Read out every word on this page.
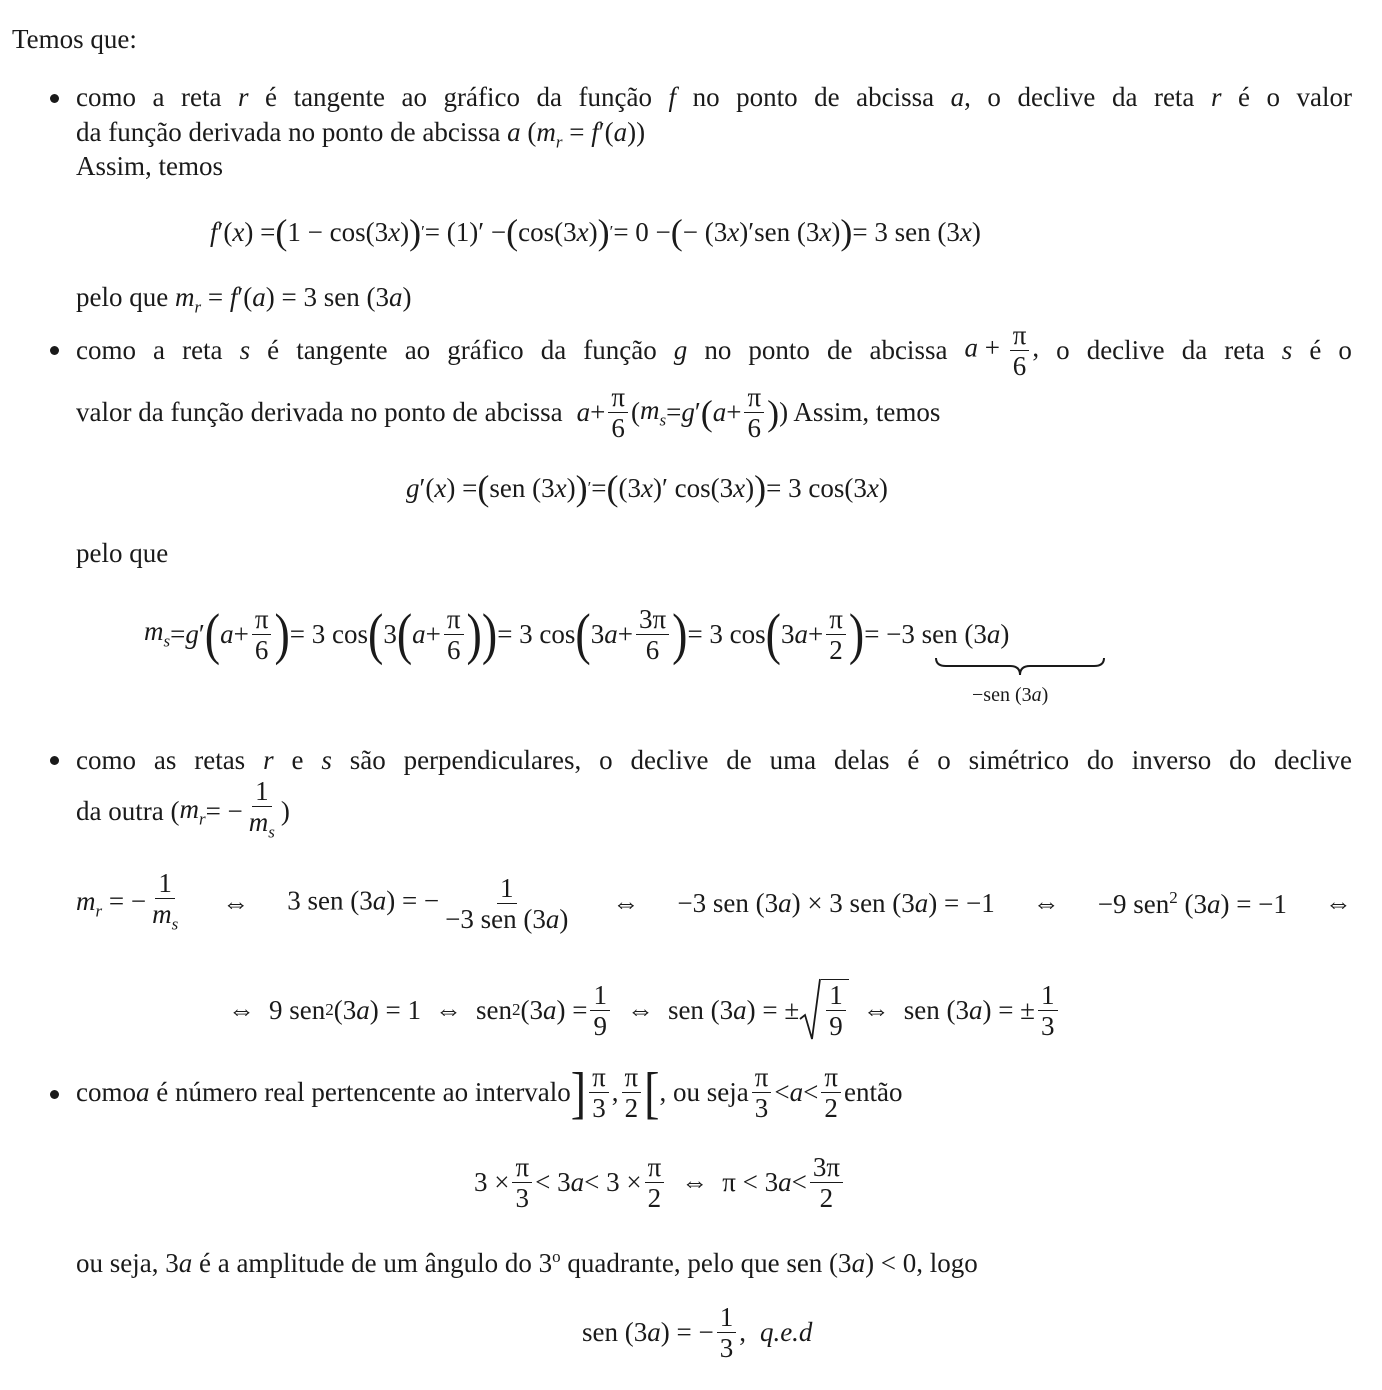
Temos que:
como a reta r é tangente ao gráfico da função f no ponto de abcissa a, o declive da reta r é o valor
da função derivada no ponto de abcissa a $(m_r = f'(a))$
Assim, temos
f ′( x ) = ( 1 − cos(3 x ) ) ′ = (1)′ − ( cos(3 x ) ) ′ = 0 − ( − (3 x )′sen (3 x ) ) = 3 sen (3 x )
pelo que $m_r = f'(a) = 3$ sen (3a)
como a reta s é tangente ao gráfico da função g no ponto de abcissa $a + \frac{\pi}{6}$ , o declive da reta s é o
valor da função derivada no ponto de abcissa $a + \frac{\pi}{6}$ ( $m_s = g$ ′ ( $a + \frac{\pi}{6}$ ) ) Assim, temos
g ′( x ) = ( sen (3 x ) ) ′ = ( (3 x )′ cos(3 x ) ) = 3 cos(3 x )
pelo que
$m_s = g$ ′ ( $a + \frac{\pi}{6}$ ) = 3 cos ( 3 ( $a + \frac{\pi}{6}$ ) ) = 3 cos ( 3 $a + \frac{3\pi}{6}$ ) = 3 cos ( 3 $a + \frac{\pi}{2}$ ) = −3 sen (3 a )
−sen (3a)
como as retas r e s são perpendiculares, o declive de uma delas é o simétrico do inverso do declive
da outra ( $m_r$ = − $\frac{1}{m_s}$ )
$m_r$ = − $\frac{1}{m_s}$ ⇔ 3 sen (3a) = − $\frac{1}{\text{−3 sen (3a)}}$ ⇔ −3 sen (3a) × 3 sen (3a) = −1 ⇔ −9 sen$^2$ (3a) = −1 ⇔
⇔
9 sen 2 (3 a ) = 1
⇔
sen 2 (3 a ) = $\frac{1}{9}$ ⇔
sen (3 a ) = ± $\frac{1}{9}$ ⇔
sen (3 a ) = ± $\frac{1}{3}$
como a é número real pertencente ao intervalo ] $\frac{\pi}{3}$ , $\frac{\pi}{2}$ [ , ou seja $\frac{\pi}{3} < a < \frac{\pi}{2}$ então
$3 \times \frac{\pi}{3} < 3$ $a < 3 \times \frac{\pi}{2}$ ⇔
π < 3 $a < \frac{3\pi}{2}$
ou seja, 3a é a amplitude de um ângulo do 3$^o$ quadrante, pelo que sen (3a) < 0, logo
sen (3 a ) = − $\frac{1}{3}$ , q.e.d
